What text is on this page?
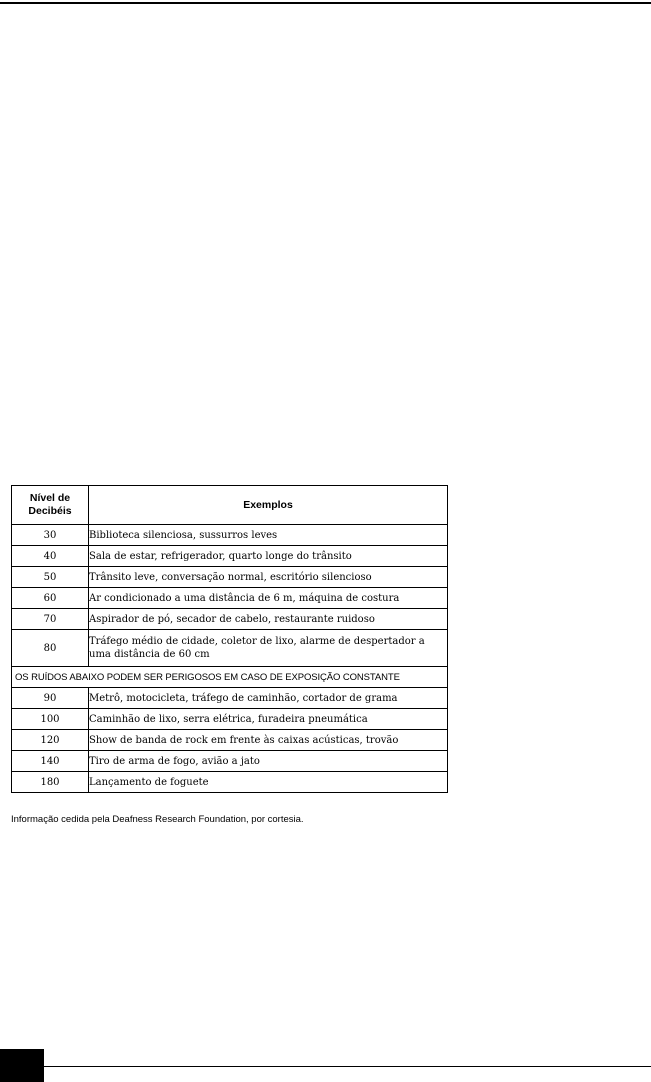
Nível de
Decibéis	Exemplos
30	Biblioteca silenciosa, sussurros leves
40	Sala de estar, refrigerador, quarto longe do trânsito
50	Trânsito leve, conversação normal, escritório silencioso
60	Ar condicionado a uma distância de 6 m, máquina de costura
70	Aspirador de pó, secador de cabelo, restaurante ruidoso
80	Tráfego médio de cidade, coletor de lixo, alarme de despertador a uma distância de 60 cm
OS RUÍDOS ABAIXO PODEM SER PERIGOSOS EM CASO DE EXPOSIÇÃO CONSTANTE	
90	Metrô, motocicleta, tráfego de caminhão, cortador de grama
100	Caminhão de lixo, serra elétrica, furadeira pneumática
120	Show de banda de rock em frente às caixas acústicas, trovão
140	Tiro de arma de fogo, avião a jato
180	Lançamento de foguete
Informação cedida pela Deafness Research Foundation, por cortesia.
